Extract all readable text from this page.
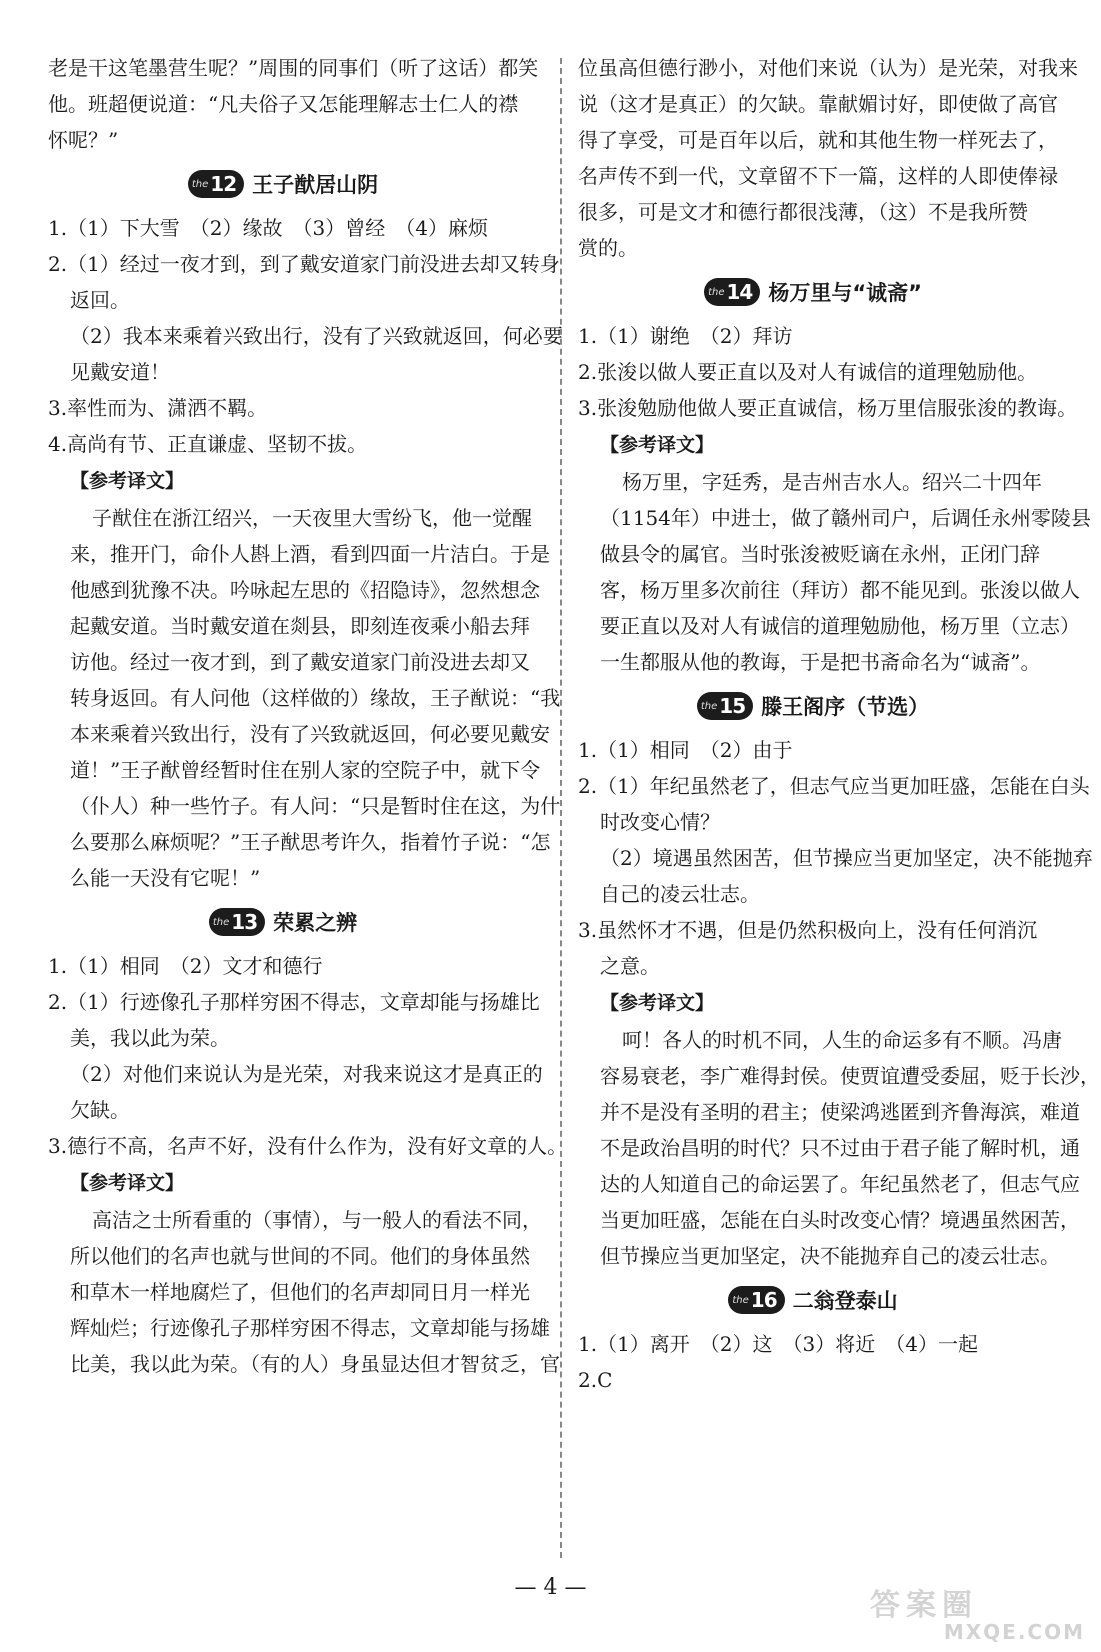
老是干这笔墨营生呢？”周围的同事们（听了这话）都笑

他。班超便说道：“凡夫俗子又怎能理解志士仁人的襟

怀呢？”

the 12 王子猷居山阴

1.（1）下大雪　（2）缘故　（3）曾经　（4）麻烦

2.（1）经过一夜才到，到了戴安道家门前没进去却又转身

返回。

（2）我本来乘着兴致出行，没有了兴致就返回，何必要

见戴安道！

3.率性而为、潇洒不羁。

4.高尚有节、正直谦虚、坚韧不拔。

【参考译文】

子猷住在浙江绍兴，一天夜里大雪纷飞，他一觉醒

来，推开门，命仆人斟上酒，看到四面一片洁白。于是

他感到犹豫不决。吟咏起左思的《招隐诗》，忽然想念

起戴安道。当时戴安道在剡县，即刻连夜乘小船去拜

访他。经过一夜才到，到了戴安道家门前没进去却又

转身返回。有人问他（这样做的）缘故，王子猷说：“我

本来乘着兴致出行，没有了兴致就返回，何必要见戴安

道！”王子猷曾经暂时住在别人家的空院子中，就下令

（仆人）种一些竹子。有人问：“只是暂时住在这，为什

么要那么麻烦呢？”王子猷思考许久，指着竹子说：“怎

么能一天没有它呢！”

the 13 荣累之辨

1.（1）相同　（2）文才和德行

2.（1）行迹像孔子那样穷困不得志，文章却能与扬雄比

美，我以此为荣。

（2）对他们来说认为是光荣，对我来说这才是真正的

欠缺。

3.德行不高，名声不好，没有什么作为，没有好文章的人。

【参考译文】

高洁之士所看重的（事情），与一般人的看法不同，

所以他们的名声也就与世间的不同。他们的身体虽然

和草木一样地腐烂了，但他们的名声却同日月一样光

辉灿烂；行迹像孔子那样穷困不得志，文章却能与扬雄

比美，我以此为荣。（有的人）身虽显达但才智贫乏，官

位虽高但德行渺小，对他们来说（认为）是光荣，对我来

说（这才是真正）的欠缺。靠献媚讨好，即使做了高官

得了享受，可是百年以后，就和其他生物一样死去了，

名声传不到一代，文章留不下一篇，这样的人即使俸禄

很多，可是文才和德行都很浅薄，（这）不是我所赞

赏的。

the 14 杨万里与“诚斋”

1.（1）谢绝　（2）拜访

2.张浚以做人要正直以及对人有诚信的道理勉励他。

3.张浚勉励他做人要正直诚信，杨万里信服张浚的教诲。

【参考译文】

杨万里，字廷秀，是吉州吉水人。绍兴二十四年

（1154年）中进士，做了赣州司户，后调任永州零陵县

做县令的属官。当时张浚被贬谪在永州，正闭门辞

客，杨万里多次前往（拜访）都不能见到。张浚以做人

要正直以及对人有诚信的道理勉励他，杨万里（立志）

一生都服从他的教诲，于是把书斋命名为“诚斋”。

the 15 滕王阁序（节选）

1.（1）相同　（2）由于

2.（1）年纪虽然老了，但志气应当更加旺盛，怎能在白头

时改变心情？

（2）境遇虽然困苦，但节操应当更加坚定，决不能抛弃

自己的凌云壮志。

3.虽然怀才不遇，但是仍然积极向上，没有任何消沉

之意。

【参考译文】

呵！各人的时机不同，人生的命运多有不顺。冯唐

容易衰老，李广难得封侯。使贾谊遭受委屈，贬于长沙，

并不是没有圣明的君主；使梁鸿逃匿到齐鲁海滨，难道

不是政治昌明的时代？只不过由于君子能了解时机，通

达的人知道自己的命运罢了。年纪虽然老了，但志气应

当更加旺盛，怎能在白头时改变心情？境遇虽然困苦，

但节操应当更加坚定，决不能抛弃自己的凌云壮志。

the 16 二翁登泰山

1.（1）离开　（2）这　（3）将近　（4）一起

2.C

— 4 —
答案圈
MXQE.COM
